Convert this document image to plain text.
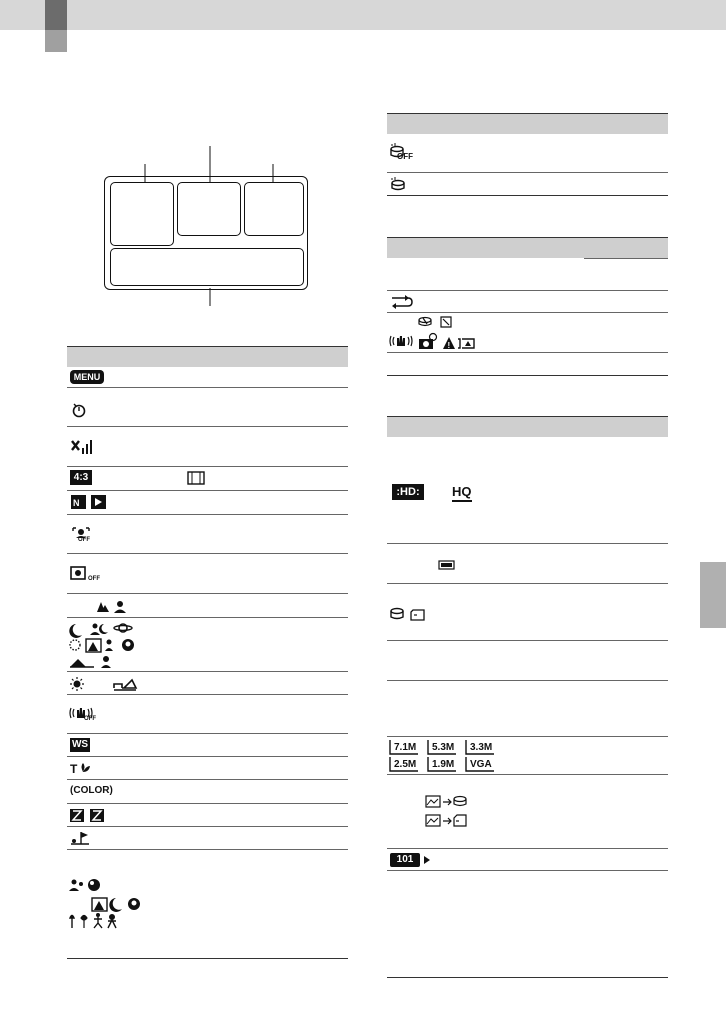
MENU
4:3
N
OFF
OFF
OFF
WS
T
(COLOR)
OFF
!
:HD:	HQ
7.1M 5.3M 3.3M
2.5M 1.9M VGA
101
